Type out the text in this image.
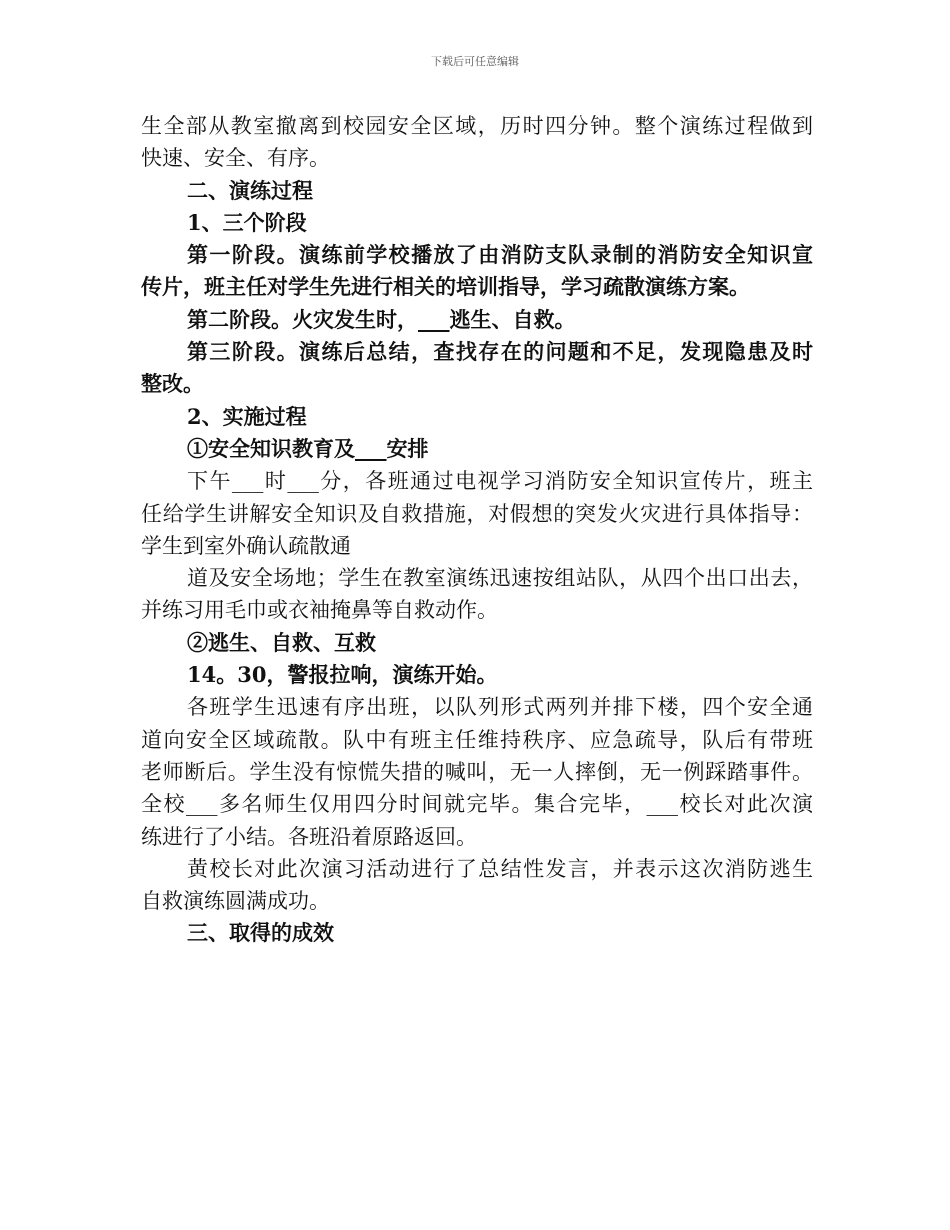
下载后可任意编辑
生全部从教室撤离到校园安全区域，历时四分钟。整个演练过程做到
快速、安全、有序。
二、演练过程
1、三个阶段
第一阶段。演练前学校播放了由消防支队录制的消防安全知识宣
传片，班主任对学生先进行相关的培训指导，学习疏散演练方案。
第二阶段。火灾发生时，___逃生、自救。
第三阶段。演练后总结，查找存在的问题和不足，发现隐患及时
整改。
2、实施过程
①安全知识教育及___安排
下午___时___分，各班通过电视学习消防安全知识宣传片，班主
任给学生讲解安全知识及自救措施，对假想的突发火灾进行具体指导：
学生到室外确认疏散通
道及安全场地；学生在教室演练迅速按组站队，从四个出口出去，
并练习用毛巾或衣袖掩鼻等自救动作。
②逃生、自救、互救
14。30，警报拉响，演练开始。
各班学生迅速有序出班，以队列形式两列并排下楼，四个安全通
道向安全区域疏散。队中有班主任维持秩序、应急疏导，队后有带班
老师断后。学生没有惊慌失措的喊叫，无一人摔倒，无一例踩踏事件。
全校___多名师生仅用四分时间就完毕。集合完毕，___校长对此次演
练进行了小结。各班沿着原路返回。
黄校长对此次演习活动进行了总结性发言，并表示这次消防逃生
自救演练圆满成功。
三、取得的成效
